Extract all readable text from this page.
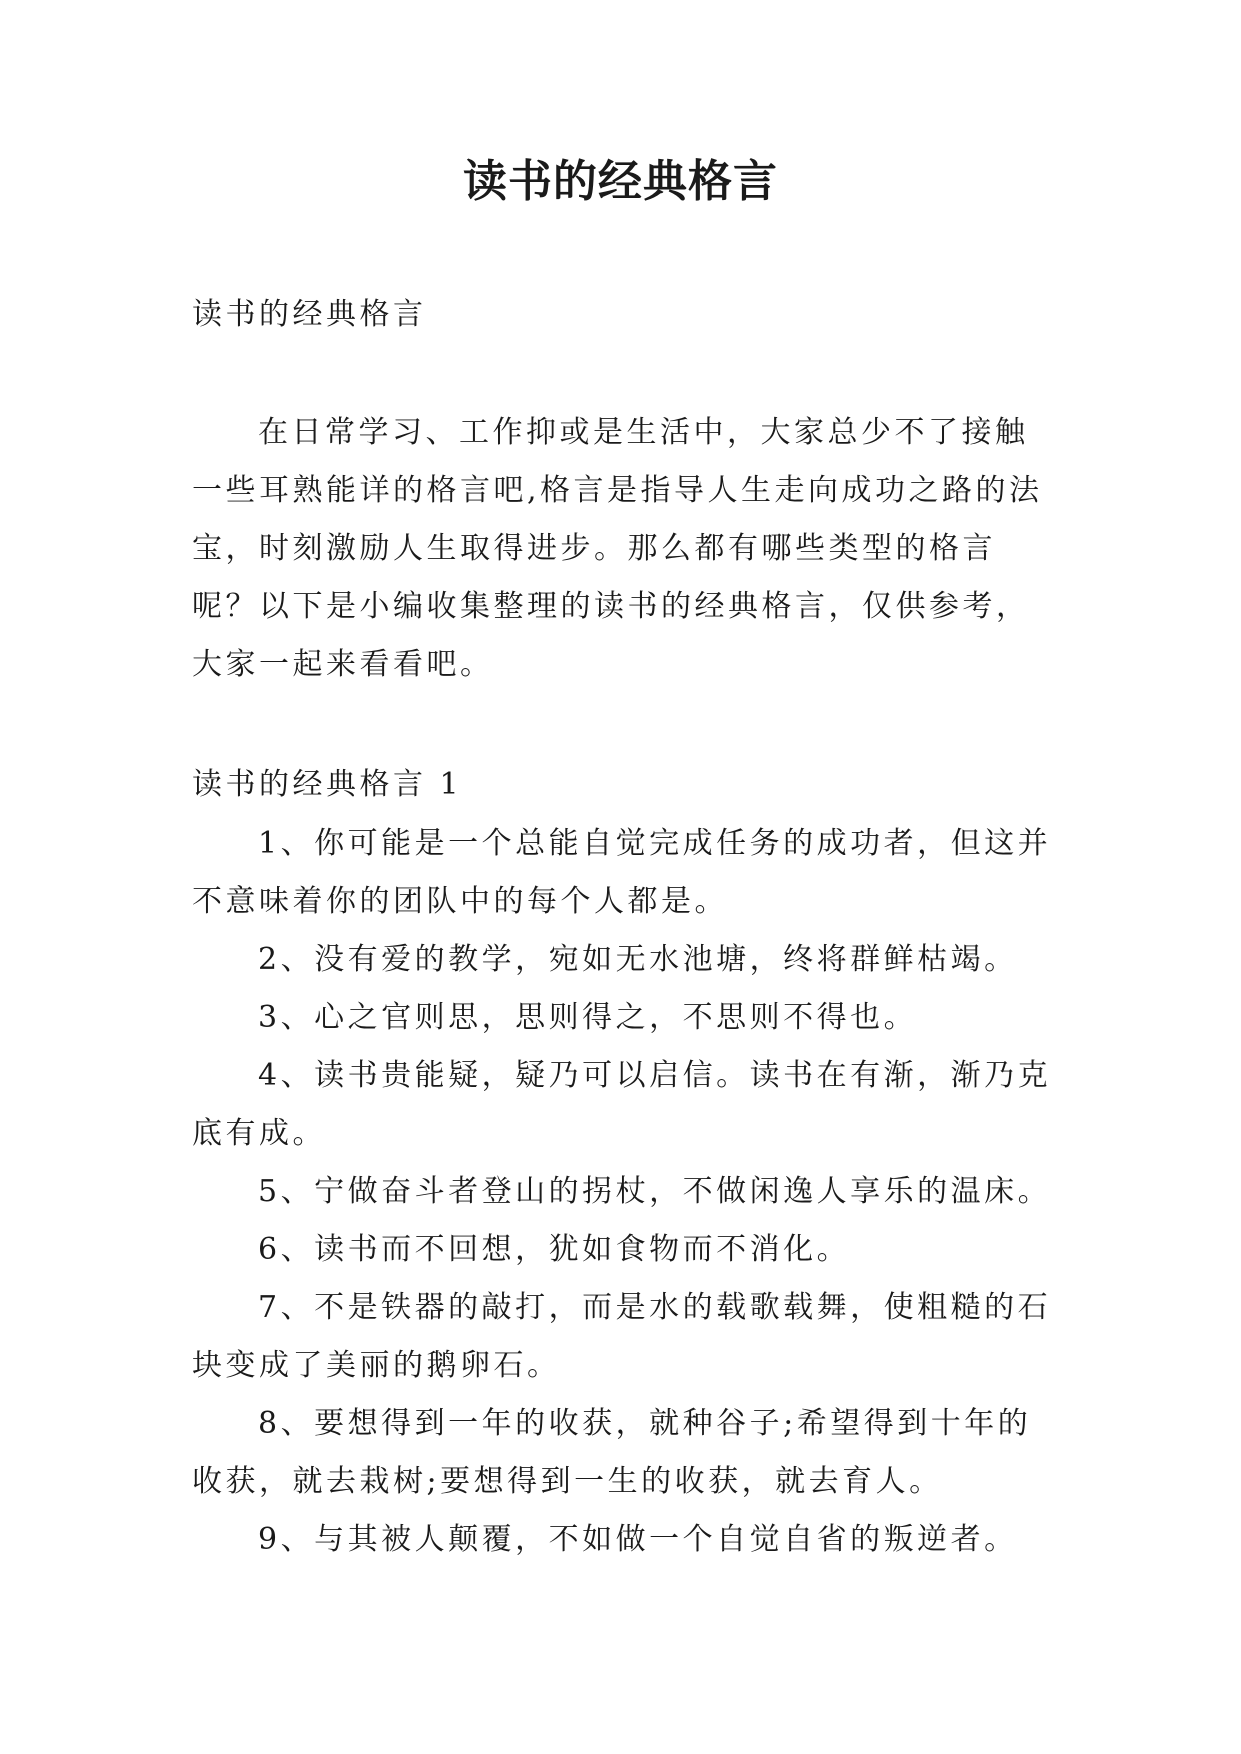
读书的经典格言

读书的经典格言

在日常学习、工作抑或是生活中，大家总少不了接触一些耳熟能详的格言吧,格言是指导人生走向成功之路的法宝，时刻激励人生取得进步。那么都有哪些类型的格言呢？以下是小编收集整理的读书的经典格言，仅供参考，大家一起来看看吧。

读书的经典格言 1

1、你可能是一个总能自觉完成任务的成功者，但这并不意味着你的团队中的每个人都是。
2、没有爱的教学，宛如无水池塘，终将群鲜枯竭。
3、心之官则思，思则得之，不思则不得也。
4、读书贵能疑，疑乃可以启信。读书在有渐，渐乃克底有成。
5、宁做奋斗者登山的拐杖，不做闲逸人享乐的温床。
6、读书而不回想，犹如食物而不消化。
7、不是铁器的敲打，而是水的载歌载舞，使粗糙的石块变成了美丽的鹅卵石。
8、要想得到一年的收获，就种谷子;希望得到十年的收获，就去栽树;要想得到一生的收获，就去育人。
9、与其被人颠覆，不如做一个自觉自省的叛逆者。
